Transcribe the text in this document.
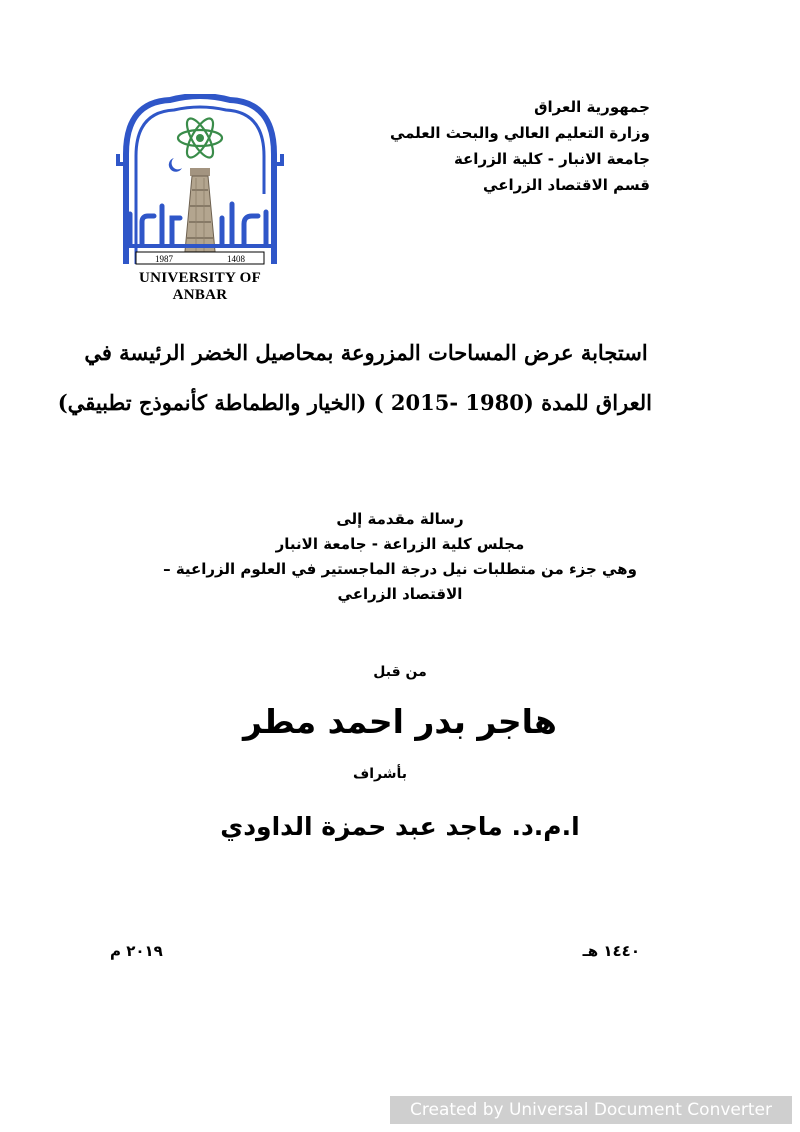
جمهورية العراق
وزارة التعليم العالي والبحث العلمي
جامعة الانبار - كلية الزراعة
قسم الاقتصاد الزراعي
1987	1408
UNIVERSITY OF ANBAR
استجابة عرض المساحات المزروعة بمحاصيل الخضر الرئيسة في
العراق للمدة (1980 -2015 ) (الخيار والطماطة كأنموذج تطبيقي)
رسالة مقدمة إلى
مجلس كلية الزراعة - جامعة الانبار
وهي جزء من متطلبات نيل درجة الماجستير في العلوم الزراعية –
الاقتصاد الزراعي
من قبل
هاجر بدر احمد مطر
بأشراف
ا.م.د. ماجد عبد حمزة الداودي
١٤٤٠ هـ
٢٠١٩ م
Created by Universal Document Converter
